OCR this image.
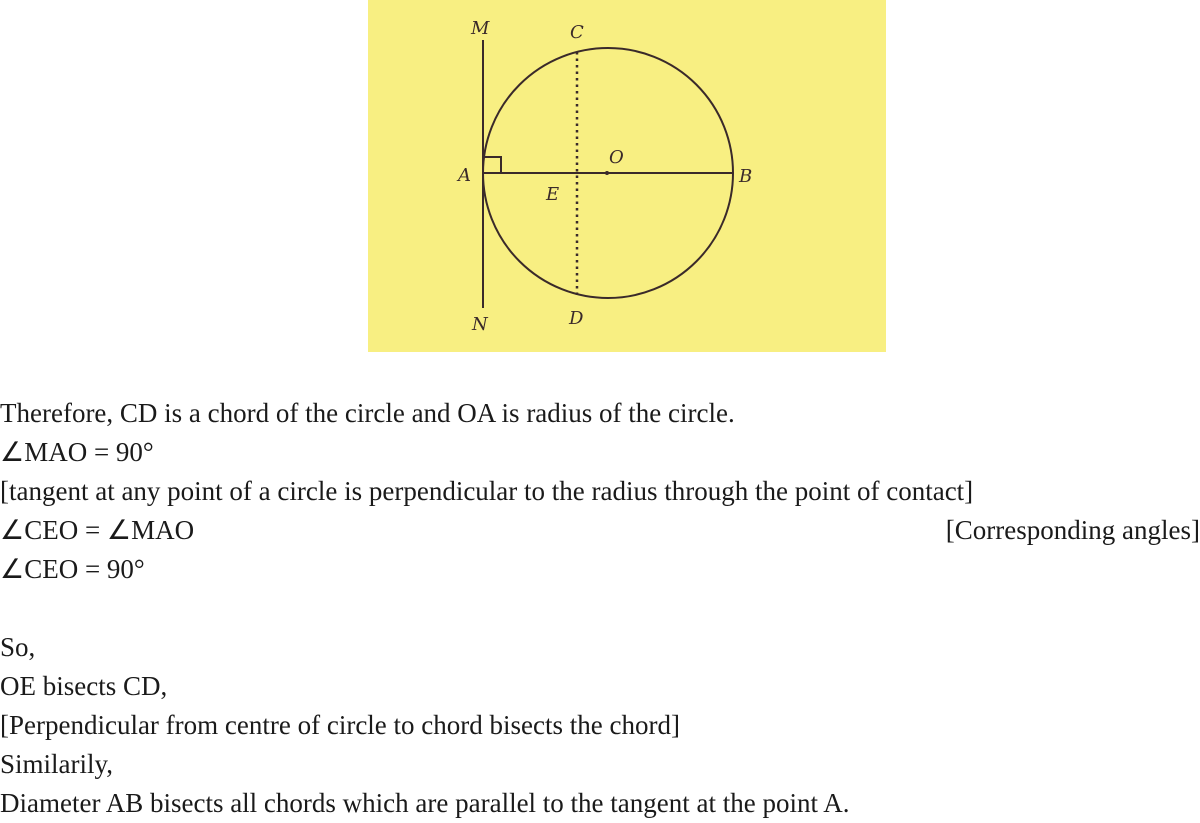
M	C
A
O
B
E
N	D
Therefore, CD is a chord of the circle and OA is radius of the circle.
∠MAO = 90°
[tangent at any point of a circle is perpendicular to the radius through the point of contact]
∠CEO = ∠MAO	[Corresponding angles]
∠CEO = 90°
So,
OE bisects CD,
[Perpendicular from centre of circle to chord bisects the chord]
Similarily,
Diameter AB bisects all chords which are parallel to the tangent at the point A.
